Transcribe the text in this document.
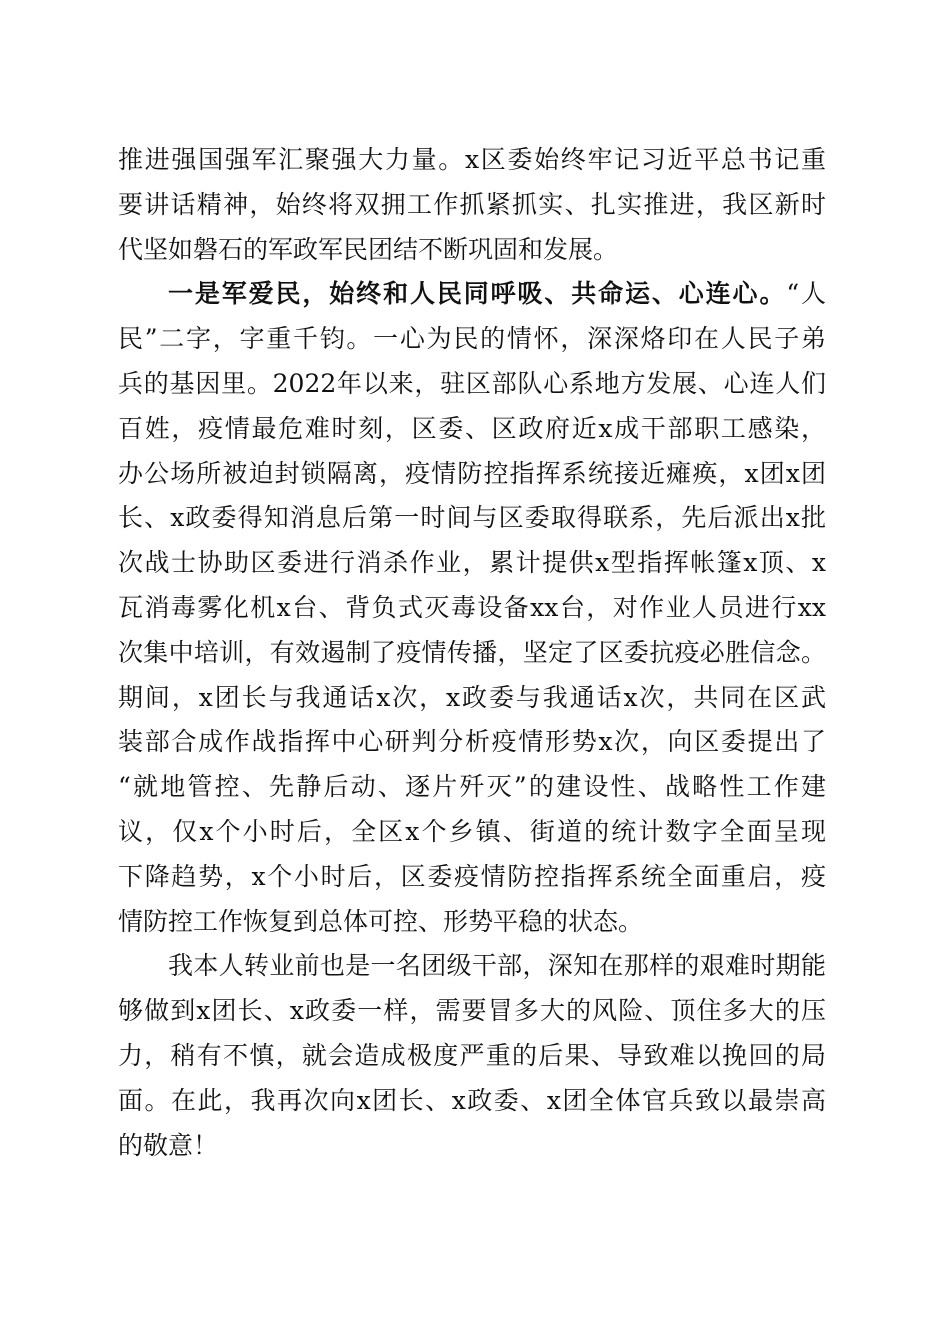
推进强国强军汇聚强大力量。x区委始终牢记习近平总书记重
要讲话精神，始终将双拥工作抓紧抓实、扎实推进，我区新时
代坚如磐石的军政军民团结不断巩固和发展。
一是军爱民，始终和人民同呼吸、共命运、心连心。“人
民”二字，字重千钧。一心为民的情怀，深深烙印在人民子弟
兵的基因里。2022年以来，驻区部队心系地方发展、心连人们
百姓，疫情最危难时刻，区委、区政府近x成干部职工感染，
办公场所被迫封锁隔离，疫情防控指挥系统接近瘫痪，x团x团
长、x政委得知消息后第一时间与区委取得联系，先后派出x批
次战士协助区委进行消杀作业，累计提供x型指挥帐篷x顶、x
瓦消毒雾化机x台、背负式灭毒设备xx台，对作业人员进行xx
次集中培训，有效遏制了疫情传播，坚定了区委抗疫必胜信念。
期间，x团长与我通话x次，x政委与我通话x次，共同在区武
装部合成作战指挥中心研判分析疫情形势x次，向区委提出了
“就地管控、先静后动、逐片歼灭”的建设性、战略性工作建
议，仅x个小时后，全区x个乡镇、街道的统计数字全面呈现
下降趋势，x个小时后，区委疫情防控指挥系统全面重启，疫
情防控工作恢复到总体可控、形势平稳的状态。
我本人转业前也是一名团级干部，深知在那样的艰难时期能
够做到x团长、x政委一样，需要冒多大的风险、顶住多大的压
力，稍有不慎，就会造成极度严重的后果、导致难以挽回的局
面。在此，我再次向x团长、x政委、x团全体官兵致以最崇高
的敬意！
